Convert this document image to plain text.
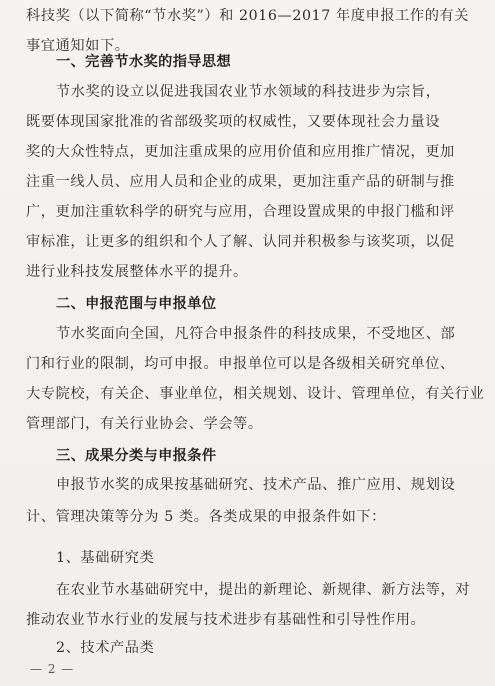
科技奖（以下简称“节水奖”）和 2016—2017 年度申报工作的有关
事宜通知如下。
一、完善节水奖的指导思想
节水奖的设立以促进我国农业节水领域的科技进步为宗旨，
既要体现国家批准的省部级奖项的权威性，又要体现社会力量设
奖的大众性特点，更加注重成果的应用价值和应用推广情况，更加
注重一线人员、应用人员和企业的成果，更加注重产品的研制与推
广，更加注重软科学的研究与应用，合理设置成果的申报门槛和评
审标准，让更多的组织和个人了解、认同并积极参与该奖项，以促
进行业科技发展整体水平的提升。
二、申报范围与申报单位
节水奖面向全国，凡符合申报条件的科技成果，不受地区、部
门和行业的限制，均可申报。申报单位可以是各级相关研究单位、
大专院校，有关企、事业单位，相关规划、设计、管理单位，有关行业
管理部门，有关行业协会、学会等。
三、成果分类与申报条件
申报节水奖的成果按基础研究、技术产品、推广应用、规划设
计、管理决策等分为 5 类。各类成果的申报条件如下：
1、基础研究类
在农业节水基础研究中，提出的新理论、新规律、新方法等，对
— 2 —
推动农业节水行业的发展与技术进步有基础性和引导性作用。
2、技术产品类
